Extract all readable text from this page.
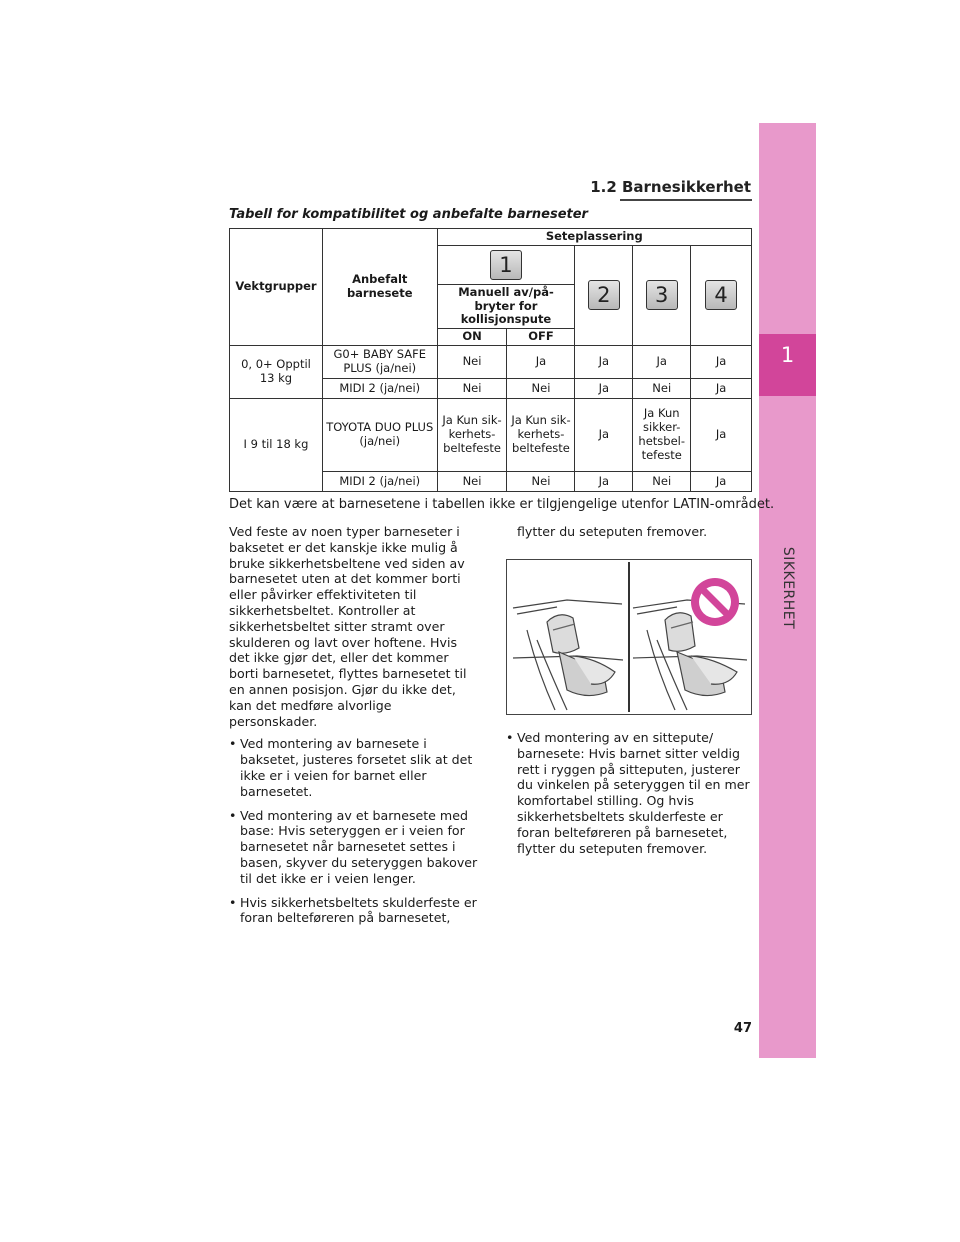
1
SIKKERHET
1.2 Barnesikkerhet
Tabell for kompatibilitet og anbefalte barneseter
Vektgrupper	Anbefalt barnesete	Seteplassering				
		1		2	3	4
		Manuell av/på-bryter for kollisjonspute				
		ON	OFF			
0, 0+ Opptil 13 kg	G0+ BABY SAFE PLUS (ja/nei)	Nei	Ja	Ja	Ja	Ja
	MIDI 2 (ja/nei)	Nei	Nei	Ja	Nei	Ja
I 9 til 18 kg	TOYOTA DUO PLUS (ja/nei)	Ja Kun sik-kerhets-beltefeste	Ja Kun sik-kerhets-beltefeste	Ja	Ja Kun sikker-hetsbel-tefeste	Ja
	MIDI 2 (ja/nei)	Nei	Nei	Ja	Nei	Ja
Det kan være at barnesetene i tabellen ikke er tilgjengelige utenfor LATIN-området.

Ved feste av noen typer barneseter i baksetet er det kanskje ikke mulig å bruke sikkerhetsbeltene ved siden av barnesetet uten at det kommer borti eller påvirker effektiviteten til sikkerhetsbeltet. Kontroller at sikkerhetsbeltet sitter stramt over skulderen og lavt over hoftene. Hvis det ikke gjør det, eller det kommer borti barnesetet, flyttes barnesetet til en annen posisjon. Gjør du ikke det, kan det medføre alvorlige personskader.

• Ved montering av barnesete i baksetet, justeres forsetet slik at det ikke er i veien for barnet eller barnesetet.
• Ved montering av et barnesete med base: Hvis seteryggen er i veien for barnesetet når barnesetet settes i basen, skyver du seteryggen bakover til det ikke er i veien lenger.
• Hvis sikkerhetsbeltets skulderfeste er foran belteføreren på barnesetet,
flytter du seteputen fremover.
• Ved montering av en sittepute/ barnesete: Hvis barnet sitter veldig rett i ryggen på sitteputen, justerer du vinkelen på seteryggen til en mer komfortabel stilling. Og hvis sikkerhetsbeltets skulderfeste er foran belteføreren på barnesetet, flytter du seteputen fremover.
47
